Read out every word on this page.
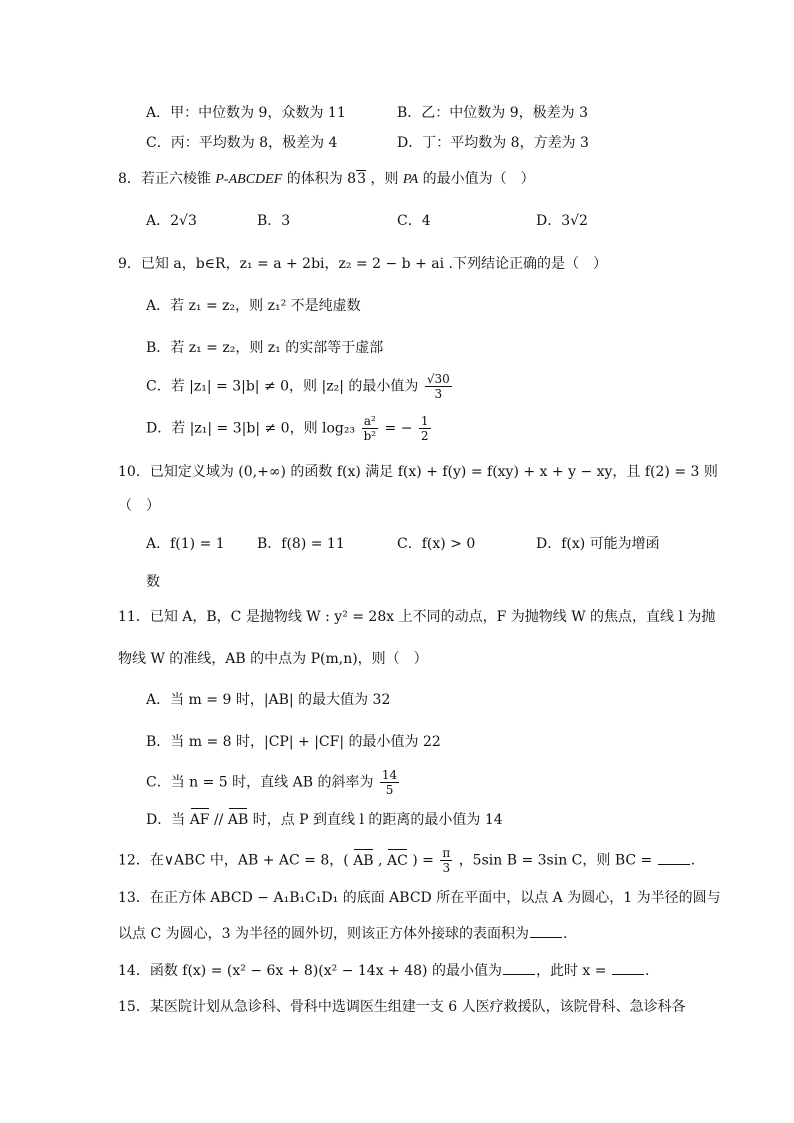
A．甲：中位数为 9，众数为 11	B．乙：中位数为 9，极差为 3
C．丙：平均数为 8，极差为 4	D．丁：平均数为 8，方差为 3
8．若正六棱锥 P-ABCDEF 的体积为 83 ，则 PA 的最小值为（　）
A．2√3	B．3	C．4	D．3√2
9．已知 a，b∈R，z₁ = a + 2bi，z₂ = 2 − b + ai .下列结论正确的是（　）
A．若 z₁ = z₂，则 z₁² 不是纯虚数
B．若 z₁ = z₂，则 z₁ 的实部等于虚部
C．若 |z₁| = 3|b| ≠ 0，则 |z₂| 的最小值为 $\frac{√30}{3}$
D．若 |z₁| = 3|b| ≠ 0，则 $\log_{23} \frac{\text{a²}}{\text{b²}}$ = − $\frac{1}{2}$
10．已知定义域为 (0,+∞) 的函数 f(x) 满足 f(x) + f(y) = f(xy) + x + y − xy，且 f(2) = 3 则
（　）
A．f(1) = 1 B．f(8) = 11	C．f(x) > 0	D．f(x) 可能为增函
数
11．已知 A，B，C 是抛物线 W : y² = 28x 上不同的动点，F 为抛物线 W 的焦点，直线 l 为抛
物线 W 的准线，AB 的中点为 P(m,n)，则（　）
A．当 m = 9 时，|AB| 的最大值为 32
B．当 m = 8 时，|CP| + |CF| 的最小值为 22
C．当 n = 5 时，直线 AB 的斜率为 $\frac{14}{5}$
D．当 AF // AB 时，点 P 到直线 l 的距离的最小值为 14
12．在∨ABC 中，AB + AC = 8，( AB , AC ) = $\frac{\pi}{3}$ ，5sin B = 3sin C，则 BC =	.
13．在正方体 ABCD − A₁B₁C₁D₁ 的底面 ABCD 所在平面中，以点 A 为圆心，1 为半径的圆与
以点 C 为圆心，3 为半径的圆外切，则该正方体外接球的表面积为 .
14．函数 f(x) = (x² − 6x + 8)(x² − 14x + 48) 的最小值为 ，此时 x =	.
15．某医院计划从急诊科、骨科中选调医生组建一支 6 人医疗救援队，该院骨科、急诊科各
